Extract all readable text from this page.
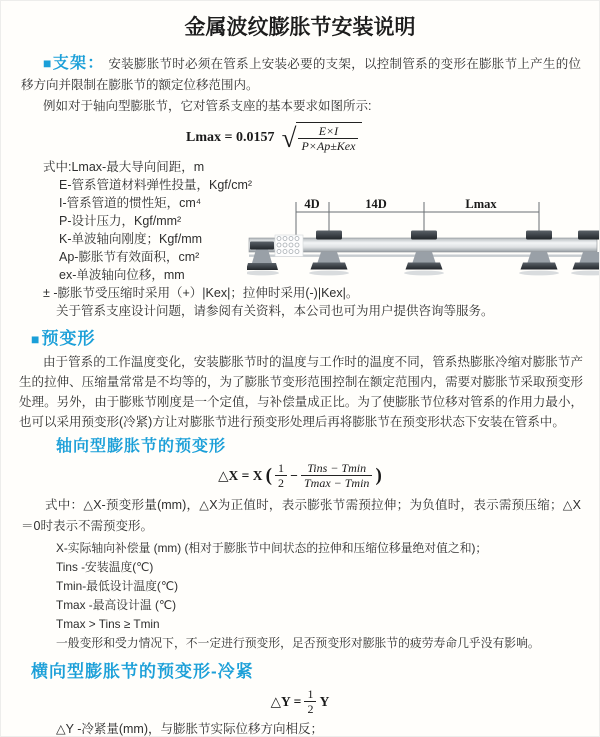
金属波纹膨胀节安装说明

■支架： 安装膨胀节时必须在管系上安装必要的支架，以控制管系的变形在膨胀节上产生的位移方向并限制在膨胀节的额定位移范围内。

例如对于轴向型膨胀节，它对管系支座的基本要求如图所示:

Lmax = 0.0157 √ $\frac{E\times I}{\text{P×Ap±Kex}}$
式中:Lmax-最大导向间距，m
E-管系管道材料弹性投量，Kgf/cm²
I-管系管道的惯性矩，cm⁴
P-设计压力，Kgf/mm²
K-单波轴向刚度；Kgf/mm
Ap-膨胀节有效面积，cm²
ex-单波轴向位移，mm
± -膨胀节受压缩时采用（+）|Kex|；拉伸时采用(-)|Kex|。
关于管系支座设计问题，请参阅有关资料，本公司也可为用户提供咨询等服务。
4D	14D	Lmax
■预变形

由于管系的工作温度变化，安装膨胀节时的温度与工作时的温度不同，管系热膨胀冷缩对膨胀节产生的拉伸、压缩量常常是不均等的，为了膨胀节变形范围控制在额定范围内，需要对膨胀节采取预变形处理。另外，由于膨账节刚度是一个定值，与补偿量成正比。为了使膨胀节位移对管系的作用力最小，也可以采用预变形(冷紧)方让对膨胀节进行预变形处理后再将膨胀节在预变形状态下安装在管系中。

轴向型膨胀节的预变形
△X = X ( $\frac{1}{2} - \frac{\text{Tins − Tmin}}{Tmax - Tmin}$ )

式中：△X-预变形量(mm)，△X为正值时，表示膨张节需预拉伸；为负值时，表示需预压缩；△X＝0时表示不需预变形。

X-实际轴向补偿量 (mm) (相对于膨胀节中间状态的拉伸和压缩位移量绝对值之和)；
Tins -安装温度(℃)
Tmin-最低设计温度(℃)
Tmax -最高设计温 (℃)
Tmax > Tins ≥ Tmin
一般变形和受力情况下，不一定进行预变形，足否预变形对膨胀节的疲劳寿命几乎没有影响。
横向型膨胀节的预变形-冷紧
△Y = $\frac{1}{2}$ Y

△Y -冷紧量(mm)，与膨胀节实际位移方向相反；
